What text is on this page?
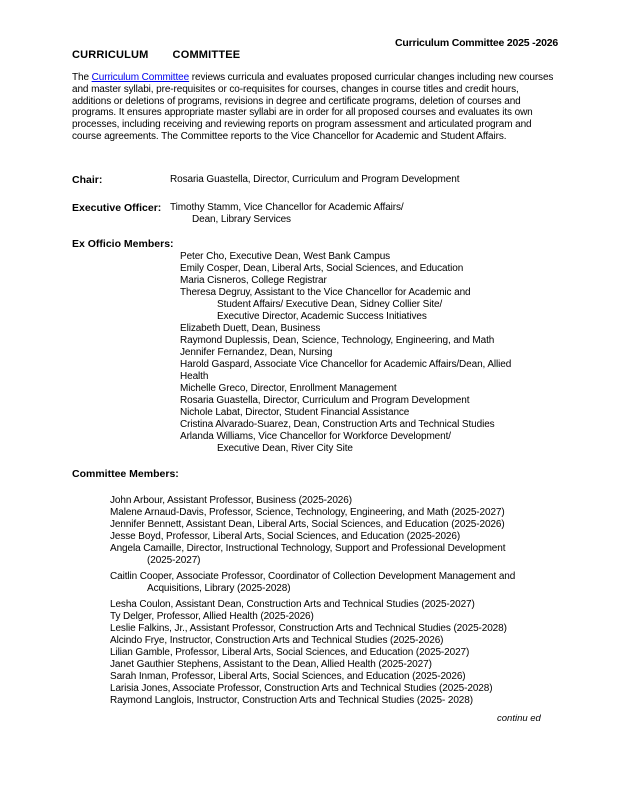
Curriculum Committee 2025 -2026
CURRICULUM COMMITTEE

The Curriculum Committee reviews curricula and evaluates proposed curricular changes including new courses and master syllabi, pre-requisites or co-requisites for courses, changes in course titles and credit hours, additions or deletions of programs, revisions in degree and certificate programs, deletion of courses and programs. It ensures appropriate master syllabi are in order for all proposed courses and evaluates its own processes, including receiving and reviewing reports on program assessment and articulated program and course agreements. The Committee reports to the Vice Chancellor for Academic and Student Affairs.

Chair:	Rosaria Guastella, Director, Curriculum and Program Development
Executive Officer: Timothy Stamm, Vice Chancellor for Academic Affairs/
Dean, Library Services
Ex Officio Members:
Peter Cho, Executive Dean, West Bank Campus
Emily Cosper, Dean, Liberal Arts, Social Sciences, and Education
Maria Cisneros, College Registrar
Theresa Degruy, Assistant to the Vice Chancellor for Academic and
Student Affairs/ Executive Dean, Sidney Collier Site/
Executive Director, Academic Success Initiatives
Elizabeth Duett, Dean, Business
Raymond Duplessis, Dean, Science, Technology, Engineering, and Math
Jennifer Fernandez, Dean, Nursing
Harold Gaspard, Associate Vice Chancellor for Academic Affairs/Dean, Allied
Health
Michelle Greco, Director, Enrollment Management
Rosaria Guastella, Director, Curriculum and Program Development
Nichole Labat, Director, Student Financial Assistance
Cristina Alvarado-Suarez, Dean, Construction Arts and Technical Studies
Arlanda Williams, Vice Chancellor for Workforce Development/
Executive Dean, River City Site
Committee Members:
John Arbour, Assistant Professor, Business (2025-2026)
Malene Arnaud-Davis, Professor, Science, Technology, Engineering, and Math (2025-2027)
Jennifer Bennett, Assistant Dean, Liberal Arts, Social Sciences, and Education (2025-2026)
Jesse Boyd, Professor, Liberal Arts, Social Sciences, and Education (2025-2026)
Angela Camaille, Director, Instructional Technology, Support and Professional Development
(2025-2027)
Caitlin Cooper, Associate Professor, Coordinator of Collection Development Management and
Acquisitions, Library (2025-2028)
Lesha Coulon, Assistant Dean, Construction Arts and Technical Studies (2025-2027)
Ty Delger, Professor, Allied Health (2025-2026)
Leslie Falkins, Jr., Assistant Professor, Construction Arts and Technical Studies (2025-2028)
Alcindo Frye, Instructor, Construction Arts and Technical Studies (2025-2026)
Lilian Gamble, Professor, Liberal Arts, Social Sciences, and Education (2025-2027)
Janet Gauthier Stephens, Assistant to the Dean, Allied Health (2025-2027)
Sarah Inman, Professor, Liberal Arts, Social Sciences, and Education (2025-2026)
Larisia Jones, Associate Professor, Construction Arts and Technical Studies (2025-2028)
Raymond Langlois, Instructor, Construction Arts and Technical Studies (2025- 2028)
continu ed
